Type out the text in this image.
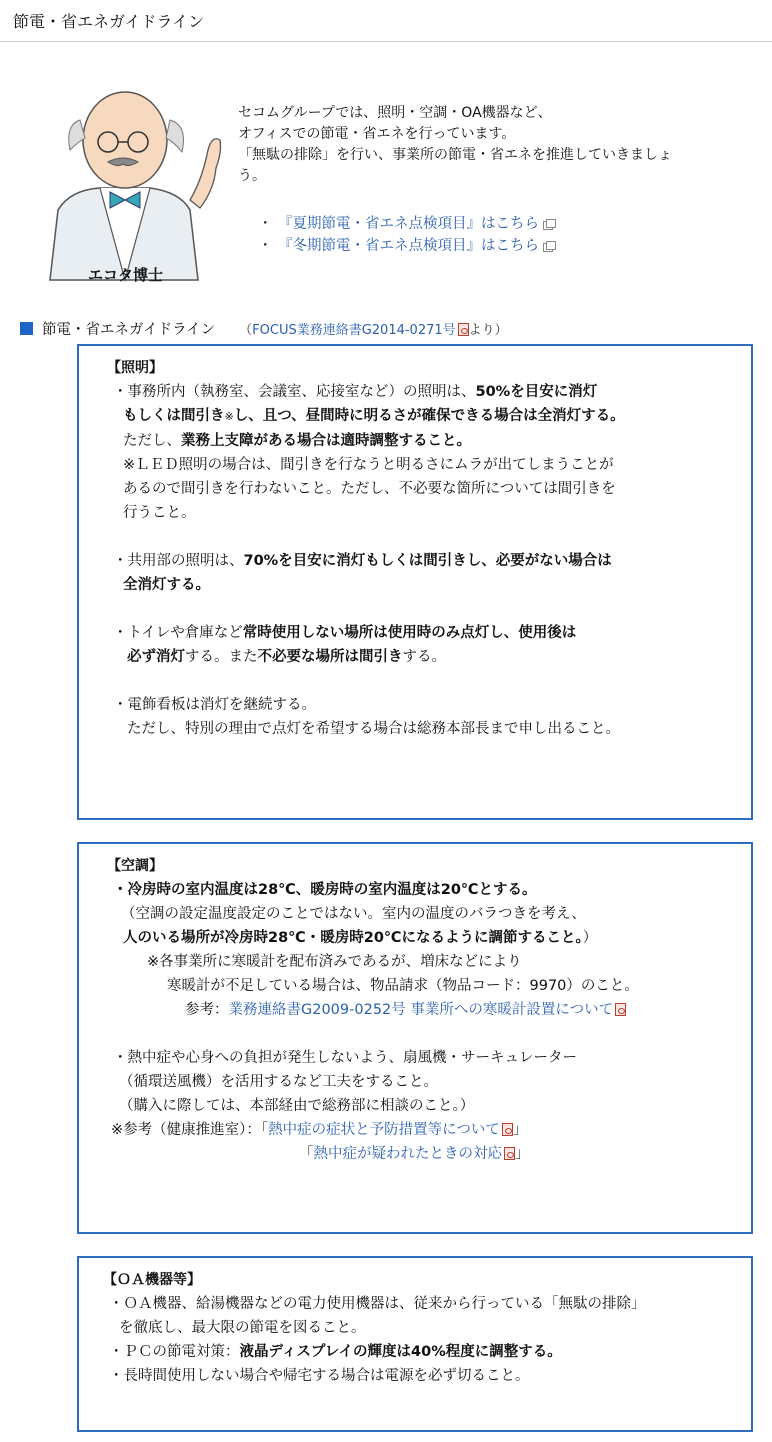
節電・省エネガイドライン
エコタ博士
セコムグループでは、照明・空調・OA機器など、
オフィスでの節電・省エネを行っています。
「無駄の排除」を行い、事業所の節電・省エネを推進していきましょ
う。
・ 『夏期節電・省エネ点検項目』はこちら
・ 『冬期節電・省エネ点検項目』はこちら
節電・省エネガイドライン （FOCUS業務連絡書G2014-0271号 より）
【照明】
・事務所内（執務室、会議室、応接室など）の照明は、50%を目安に消灯
もしくは間引き※し、且つ、昼間時に明るさが確保できる場合は全消灯する。
ただし、業務上支障がある場合は適時調整すること。
※ＬＥＤ照明の場合は、間引きを行なうと明るさにムラが出てしまうことが
あるので間引きを行わないこと。ただし、不必要な箇所については間引きを
行うこと。
・共用部の照明は、70%を目安に消灯もしくは間引きし、必要がない場合は
全消灯する。
・トイレや倉庫など常時使用しない場所は使用時のみ点灯し、使用後は
必ず消灯する。また不必要な場所は間引きする。
・電飾看板は消灯を継続する。
ただし、特別の理由で点灯を希望する場合は総務本部長まで申し出ること。
【空調】
・冷房時の室内温度は28℃、暖房時の室内温度は20℃とする。
（空調の設定温度設定のことではない。室内の温度のバラつきを考え、
人のいる場所が冷房時28℃・暖房時20℃になるように調節すること。）
※各事業所に寒暖計を配布済みであるが、増床などにより
寒暖計が不足している場合は、物品請求（物品コード：9970）のこと。
参考：業務連絡書G2009-0252号 事業所への寒暖計設置について
・熱中症や心身への負担が発生しないよう、扇風機・サーキュレーター
（循環送風機）を活用するなど工夫をすること。
（購入に際しては、本部経由で総務部に相談のこと。）
※参考（健康推進室）：「熱中症の症状と予防措置等について 」
「熱中症が疑われたときの対応 」
【ＯＡ機器等】
・ＯＡ機器、給湯機器などの電力使用機器は、従来から行っている「無駄の排除」
を徹底し、最大限の節電を図ること。
・ＰＣの節電対策：液晶ディスプレイの輝度は40%程度に調整する。
・長時間使用しない場合や帰宅する場合は電源を必ず切ること。
